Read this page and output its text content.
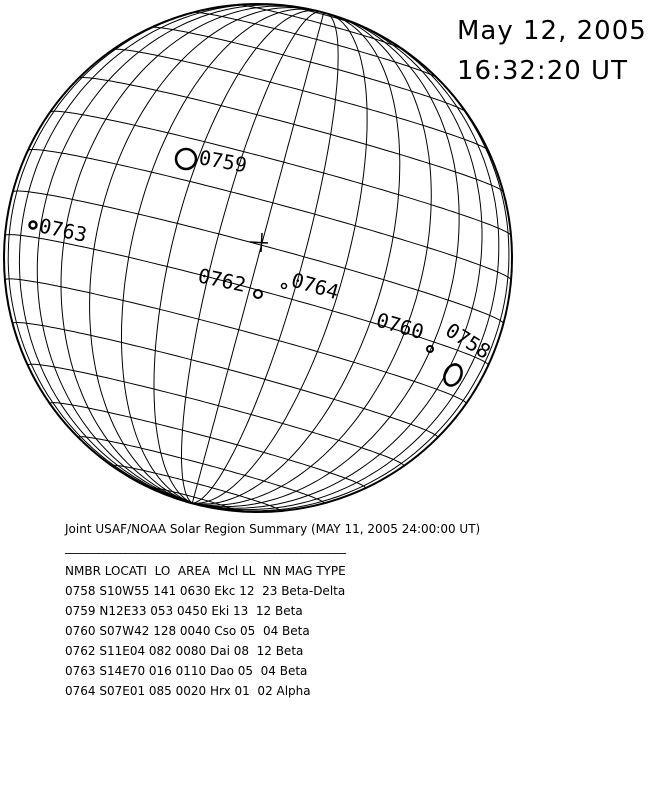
0759
0763
0762 0764
0760 0758
May 12, 2005
16:32:20 UT
Joint USAF/NOAA Solar Region Summary (MAY 11, 2005 24:00:00 UT)
___________________________________________________
NMBR LOCATI  LO  AREA  Mcl LL  NN MAG TYPE
0758 S10W55 141 0630 Ekc 12  23 Beta-Delta
0759 N12E33 053 0450 Eki 13  12 Beta
0760 S07W42 128 0040 Cso 05  04 Beta
0762 S11E04 082 0080 Dai 08  12 Beta
0763 S14E70 016 0110 Dao 05  04 Beta
0764 S07E01 085 0020 Hrx 01  02 Alpha
